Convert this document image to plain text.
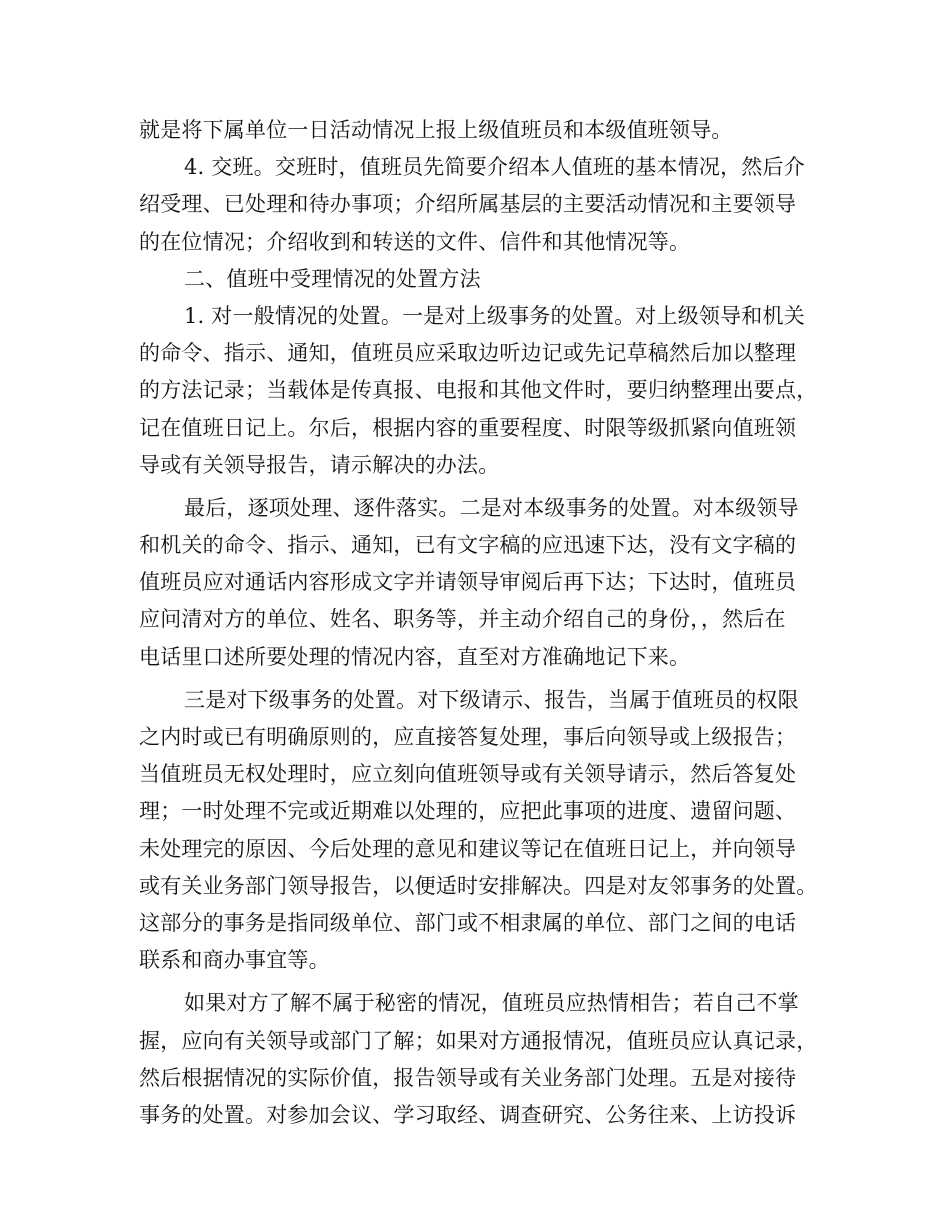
就是将下属单位一日活动情况上报上级值班员和本级值班领导。
4. 交班。交班时，值班员先简要介绍本人值班的基本情况，然后介
绍受理、已处理和待办事项；介绍所属基层的主要活动情况和主要领导
的在位情况；介绍收到和转送的文件、信件和其他情况等。
二、值班中受理情况的处置方法
1. 对一般情况的处置。一是对上级事务的处置。对上级领导和机关
的命令、指示、通知，值班员应采取边听边记或先记草稿然后加以整理
的方法记录；当载体是传真报、电报和其他文件时，要归纳整理出要点，
记在值班日记上。尔后，根据内容的重要程度、时限等级抓紧向值班领
导或有关领导报告，请示解决的办法。
最后，逐项处理、逐件落实。二是对本级事务的处置。对本级领导
和机关的命令、指示、通知，已有文字稿的应迅速下达，没有文字稿的
值班员应对通话内容形成文字并请领导审阅后再下达；下达时，值班员
应问清对方的单位、姓名、职务等，并主动介绍自己的身份，，然后在
电话里口述所要处理的情况内容，直至对方准确地记下来。
三是对下级事务的处置。对下级请示、报告，当属于值班员的权限
之内时或已有明确原则的，应直接答复处理，事后向领导或上级报告；
当值班员无权处理时，应立刻向值班领导或有关领导请示，然后答复处
理；一时处理不完或近期难以处理的，应把此事项的进度、遗留问题、
未处理完的原因、今后处理的意见和建议等记在值班日记上，并向领导
或有关业务部门领导报告，以便适时安排解决。四是对友邻事务的处置。
这部分的事务是指同级单位、部门或不相隶属的单位、部门之间的电话
联系和商办事宜等。
如果对方了解不属于秘密的情况，值班员应热情相告；若自己不掌
握，应向有关领导或部门了解；如果对方通报情况，值班员应认真记录，
然后根据情况的实际价值，报告领导或有关业务部门处理。五是对接待
事务的处置。对参加会议、学习取经、调查研究、公务往来、上访投诉
